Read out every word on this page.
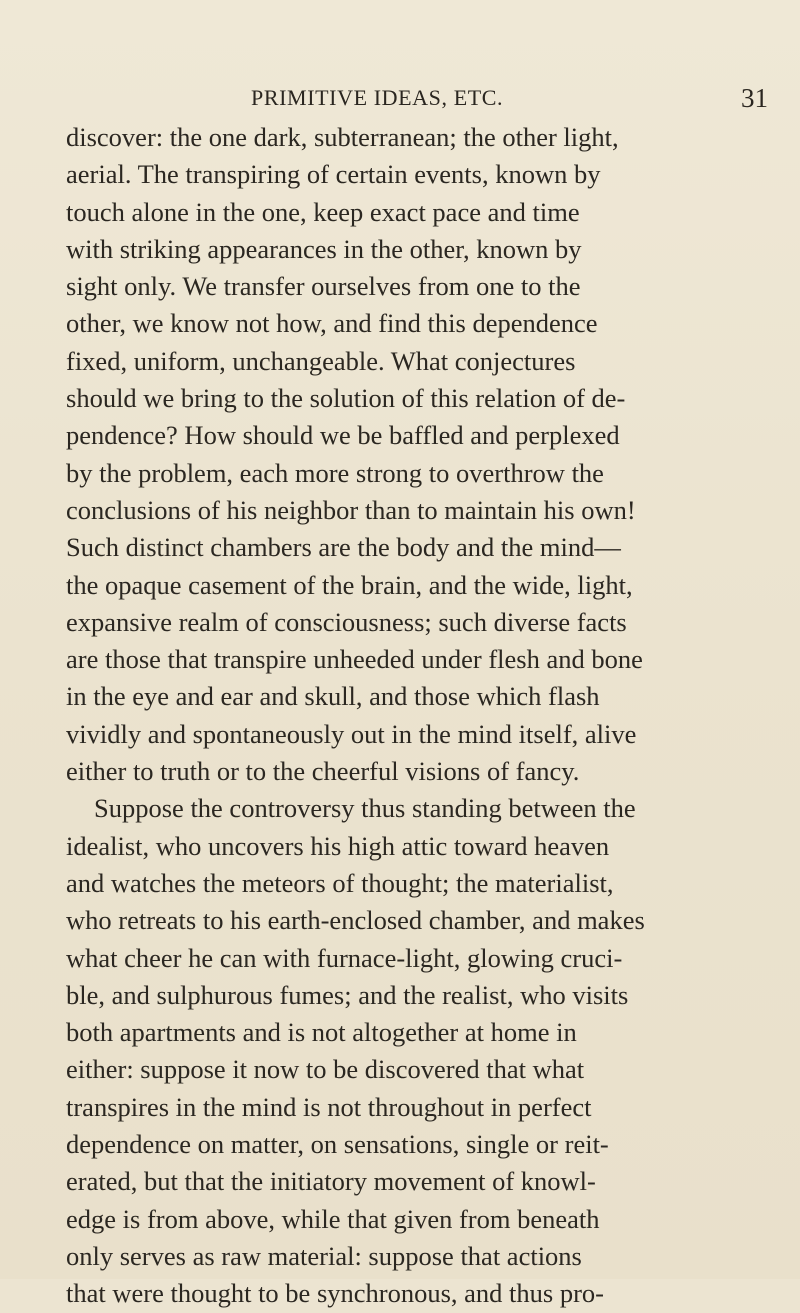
PRIMITIVE IDEAS, ETC.	31
discover: the one dark, subterranean; the other light,
aerial. The transpiring of certain events, known by
touch alone in the one, keep exact pace and time
with striking appearances in the other, known by
sight only. We transfer ourselves from one to the
other, we know not how, and find this dependence
fixed, uniform, unchangeable. What conjectures
should we bring to the solution of this relation of de-
pendence? How should we be baffled and perplexed
by the problem, each more strong to overthrow the
conclusions of his neighbor than to maintain his own!
Such distinct chambers are the body and the mind—
the opaque casement of the brain, and the wide, light,
expansive realm of consciousness; such diverse facts
are those that transpire unheeded under flesh and bone
in the eye and ear and skull, and those which flash
vividly and spontaneously out in the mind itself, alive
either to truth or to the cheerful visions of fancy.
Suppose the controversy thus standing between the
idealist, who uncovers his high attic toward heaven
and watches the meteors of thought; the materialist,
who retreats to his earth-enclosed chamber, and makes
what cheer he can with furnace-light, glowing cruci-
ble, and sulphurous fumes; and the realist, who visits
both apartments and is not altogether at home in
either: suppose it now to be discovered that what
transpires in the mind is not throughout in perfect
dependence on matter, on sensations, single or reit-
erated, but that the initiatory movement of knowl-
edge is from above, while that given from beneath
only serves as raw material: suppose that actions
that were thought to be synchronous, and thus pro-
